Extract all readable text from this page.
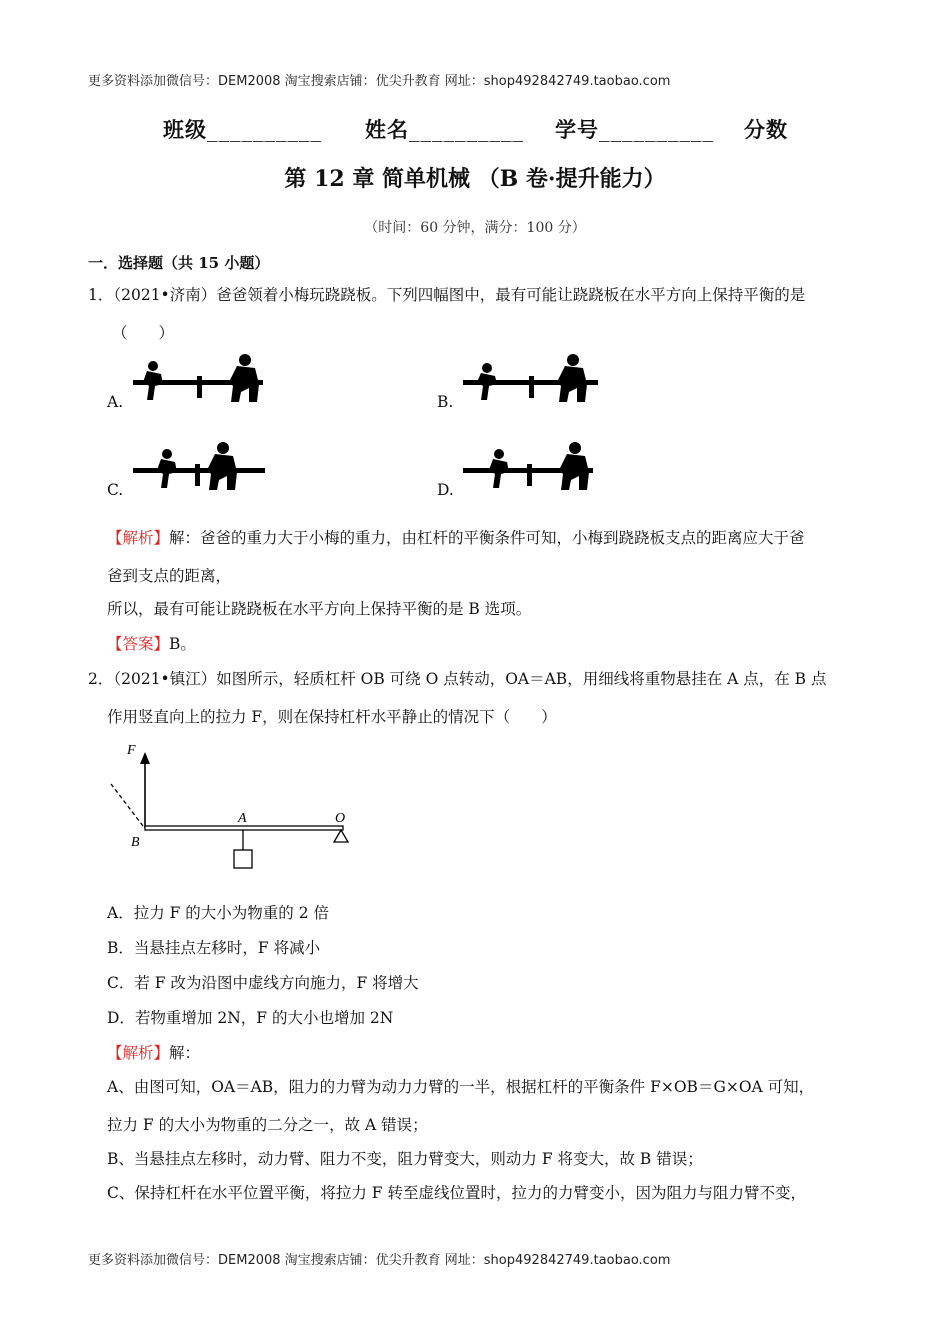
更多资料添加微信号：DEM2008 淘宝搜索店铺：优尖升教育 网址：shop492842749.taobao.com
班级__________ 姓名__________ 学号__________ 分数
第 12 章 简单机械 （B 卷·提升能力）
（时间：60 分钟，满分：100 分）
一．选择题（共 15 小题）
1．（2021•济南）爸爸领着小梅玩跷跷板。下列四幅图中，最有可能让跷跷板在水平方向上保持平衡的是
（　　）
A.	B.
C.	D.
【解析】解：爸爸的重力大于小梅的重力，由杠杆的平衡条件可知，小梅到跷跷板支点的距离应大于爸
爸到支点的距离，
所以，最有可能让跷跷板在水平方向上保持平衡的是 B 选项。
【答案】B。
2．（2021•镇江）如图所示，轻质杠杆 OB 可绕 O 点转动，OA＝AB，用细线将重物悬挂在 A 点，在 B 点
作用竖直向上的拉力 F，则在保持杠杆水平静止的情况下（　　）
F
A	O
B
A．拉力 F 的大小为物重的 2 倍
B．当悬挂点左移时，F 将减小
C．若 F 改为沿图中虚线方向施力，F 将增大
D．若物重增加 2N，F 的大小也增加 2N
【解析】解：
A、由图可知，OA＝AB，阻力的力臂为动力力臂的一半，根据杠杆的平衡条件 F×OB＝G×OA 可知，
拉力 F 的大小为物重的二分之一，故 A 错误；
B、当悬挂点左移时，动力臂、阻力不变，阻力臂变大，则动力 F 将变大，故 B 错误；
C、保持杠杆在水平位置平衡，将拉力 F 转至虚线位置时，拉力的力臂变小，因为阻力与阻力臂不变，
更多资料添加微信号：DEM2008 淘宝搜索店铺：优尖升教育 网址：shop492842749.taobao.com
